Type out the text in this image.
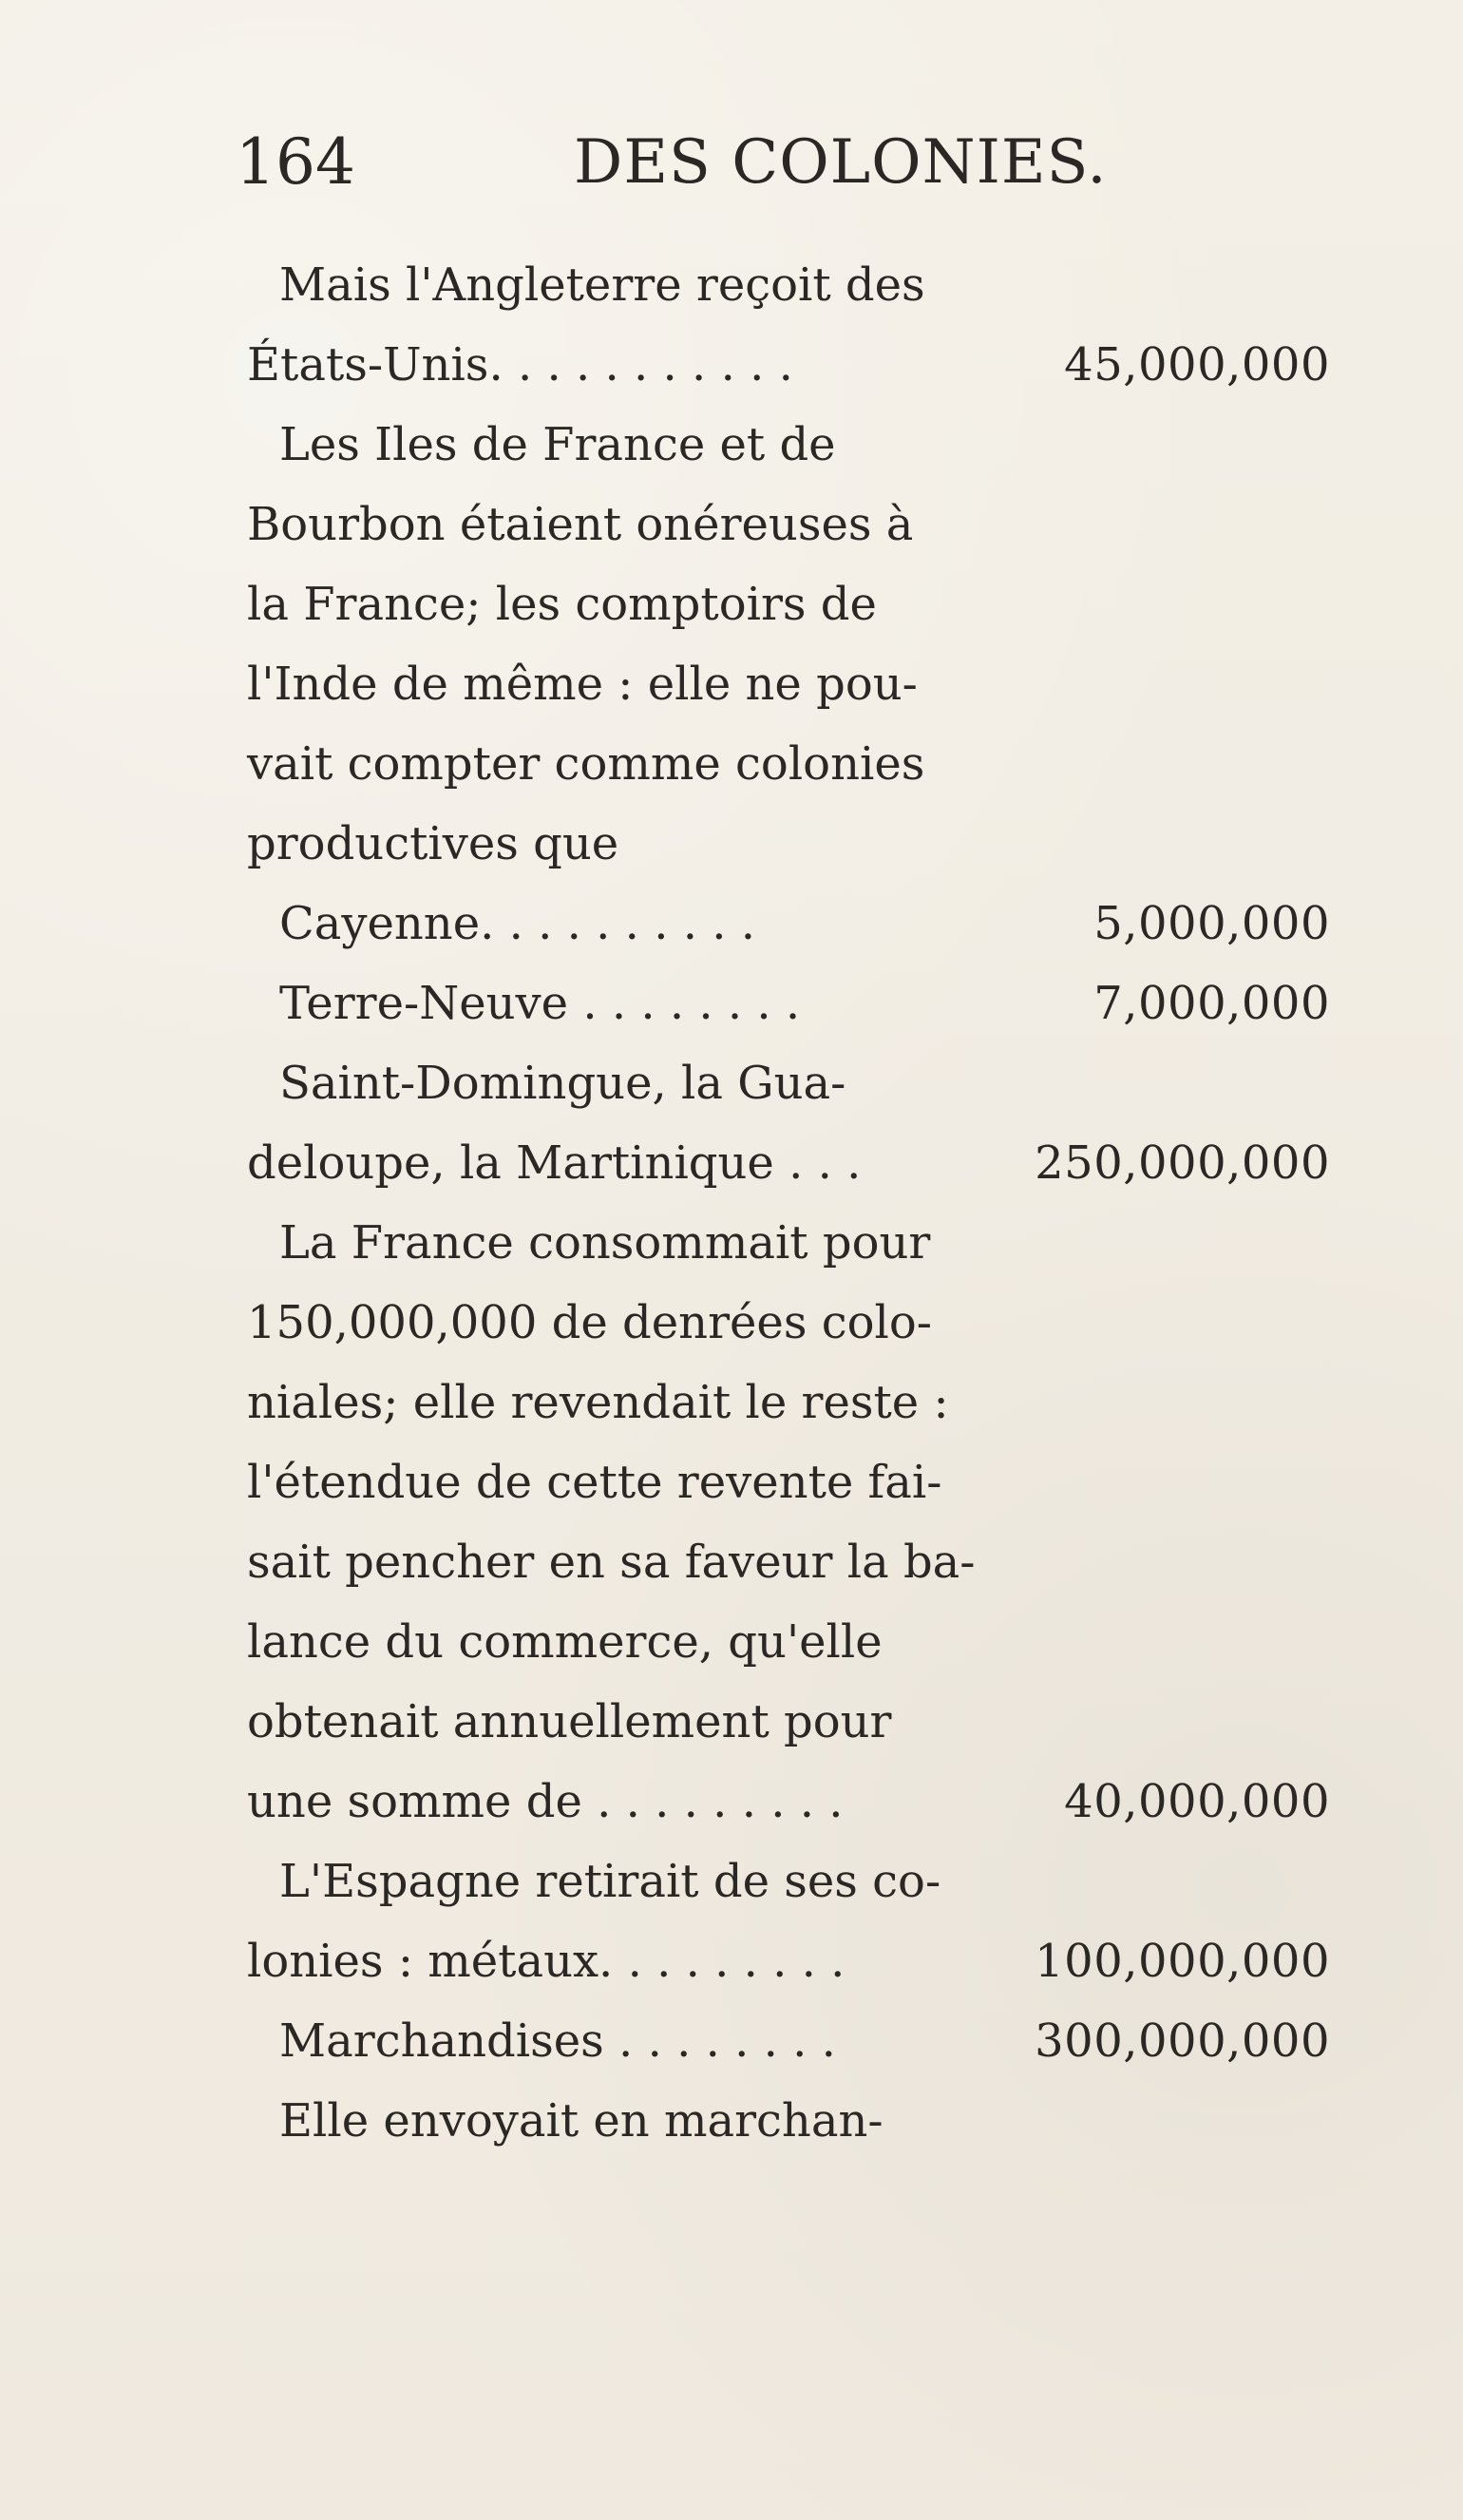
164	DES COLONIES.
Mais l'Angleterre reçoit des
États-Unis. . . . . . . . . . .	45,000,000
Les Iles de France et de
Bourbon étaient onéreuses à
la France; les comptoirs de
l'Inde de même : elle ne pou-
vait compter comme colonies
productives que
Cayenne. . . . . . . . . .	5,000,000
Terre-Neuve . . . . . . . .	7,000,000
Saint-Domingue, la Gua-
deloupe, la Martinique . . .	250,000,000
La France consommait pour
150,000,000 de denrées colo-
niales; elle revendait le reste :
l'étendue de cette revente fai-
sait pencher en sa faveur la ba-
lance du commerce, qu'elle
obtenait annuellement pour
une somme de . . . . . . . . .	40,000,000
L'Espagne retirait de ses co-
lonies : métaux. . . . . . . . .	100,000,000
Marchandises . . . . . . . .	300,000,000
Elle envoyait en marchan-
